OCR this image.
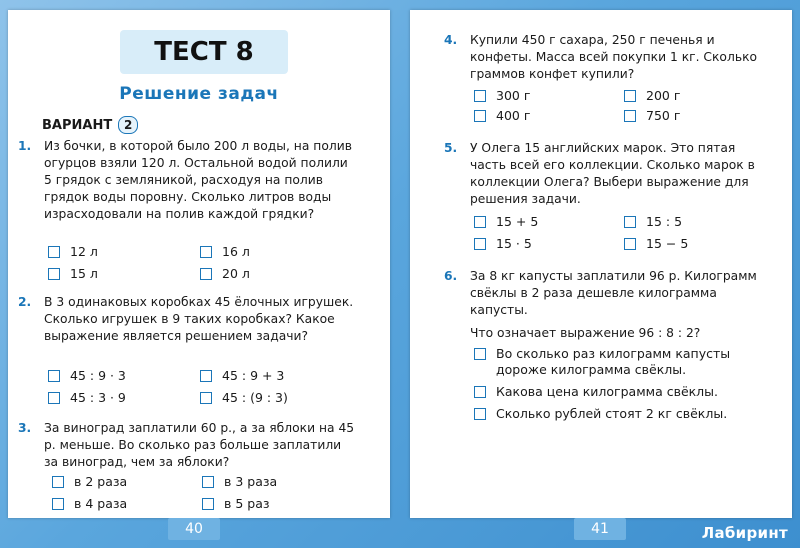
ТЕСТ 8
Решение задач
ВАРИАНТ 2
1. Из бочки, в которой было 200 л воды, на полив огурцов взяли 120 л. Остальной водой полили 5 грядок с земляникой, расходуя на полив грядок воды поровну. Сколько литров воды израсходовали на полив каждой грядки?
12 л	16 л
15 л	20 л
2. В 3 одинаковых коробках 45 ёлочных игрушек. Сколько игрушек в 9 таких коробках? Какое выражение является решением задачи?
45 : 9 · 3	45 : 9 + 3
45 : 3 · 9	45 : (9 : 3)
3. За виноград заплатили 60 р., а за яблоки на 45 р. меньше. Во сколько раз больше заплатили за виноград, чем за яблоки?
в 2 раза	в 3 раза
в 4 раза	в 5 раз
40
4. Купили 450 г сахара, 250 г печенья и конфеты. Масса всей покупки 1 кг. Сколько граммов конфет купили?
300 г	200 г
400 г	750 г
5. У Олега 15 английских марок. Это пятая часть всей его коллекции. Сколько марок в коллекции Олега? Выбери выражение для решения задачи.
15 + 5	15 : 5
15 · 5	15 − 5
6. За 8 кг капусты заплатили 96 р. Килограмм свёклы в 2 раза дешевле килограмма капусты.
Что означает выражение 96 : 8 : 2?
Во сколько раз килограмм капусты дороже килограмма свёклы.
Какова цена килограмма свёклы.
Сколько рублей стоят 2 кг свёклы.
41	Лабиринт
